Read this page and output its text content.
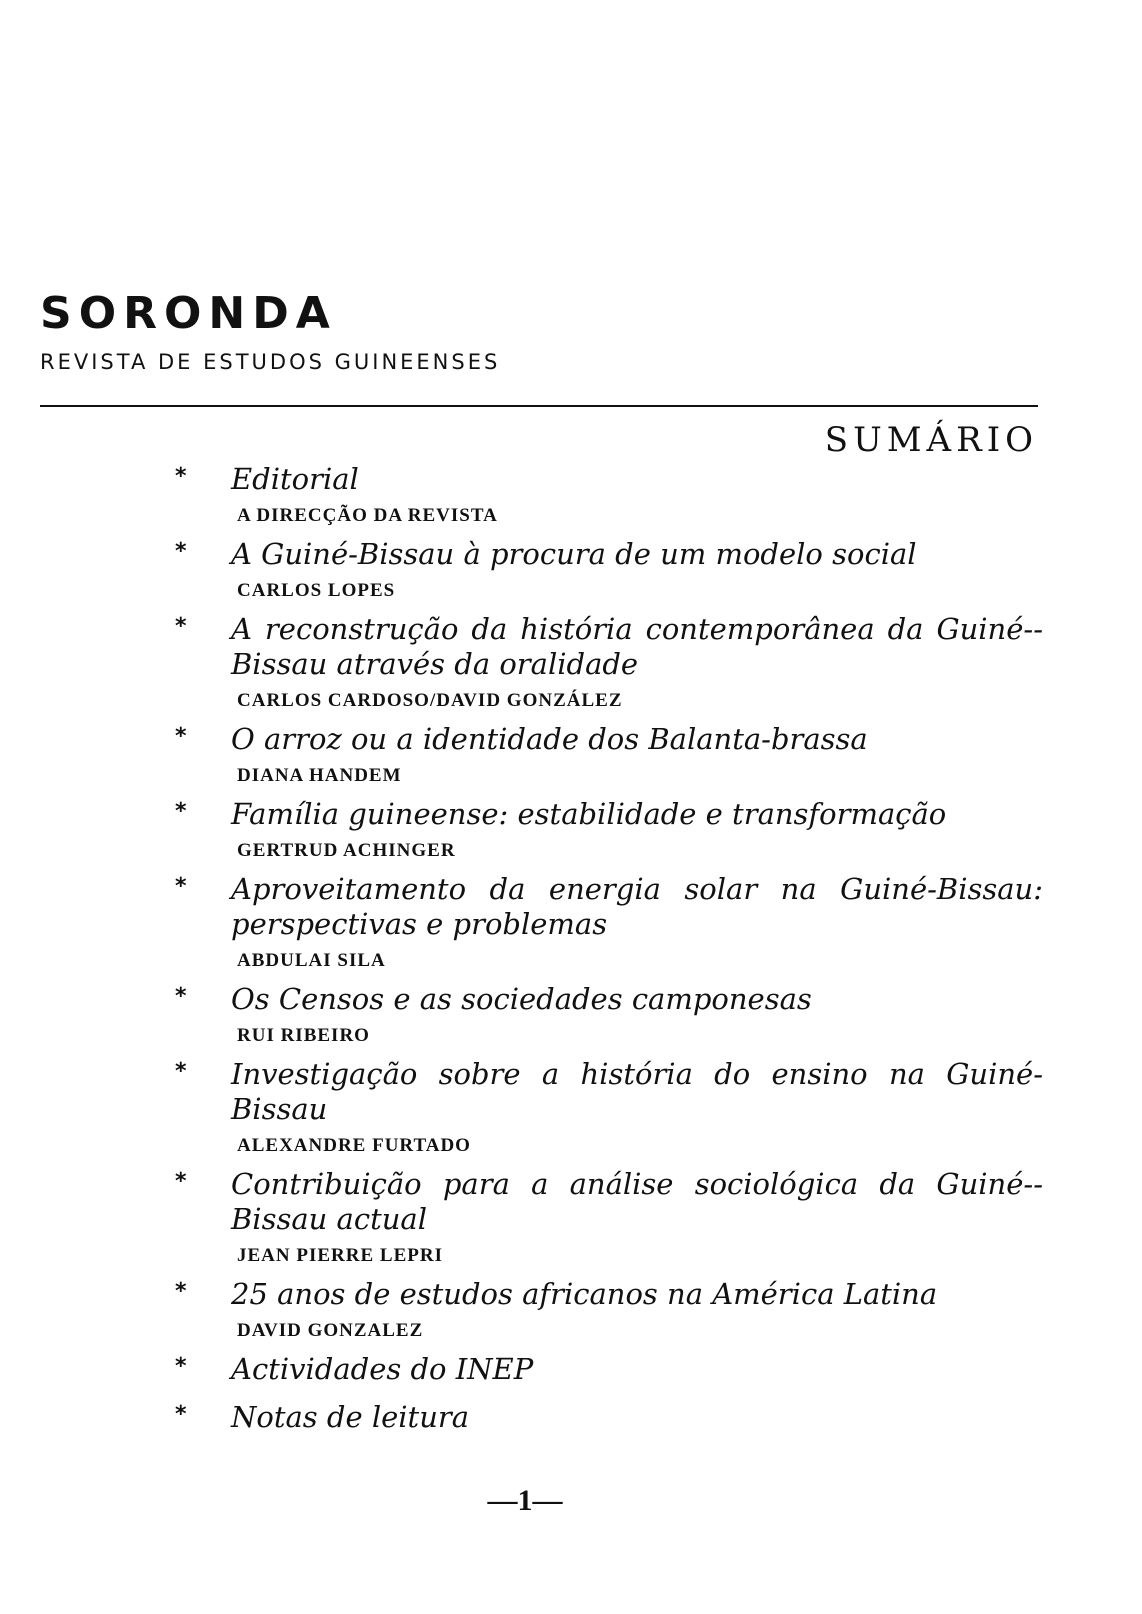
SORONDA
REVISTA DE ESTUDOS GUINEENSES
SUMÁRIO
* Editorial
A DIRECÇÃO DA REVISTA
* A Guiné-Bissau à procura de um modelo social
CARLOS LOPES
* A reconstrução da história contemporânea da Guiné--Bissau através da oralidade
CARLOS CARDOSO/DAVID GONZÁLEZ
* O arroz ou a identidade dos Balanta-brassa
DIANA HANDEM
* Família guineense: estabilidade e transformação
GERTRUD ACHINGER
* Aproveitamento da energia solar na Guiné-Bissau: perspectivas e problemas
ABDULAI SILA
* Os Censos e as sociedades camponesas
RUI RIBEIRO
* Investigação sobre a história do ensino na Guiné-Bissau
ALEXANDRE FURTADO
* Contribuição para a análise sociológica da Guiné--Bissau actual
JEAN PIERRE LEPRI
* 25 anos de estudos africanos na América Latina
DAVID GONZALEZ
* Actividades do INEP
* Notas de leitura
—1—
